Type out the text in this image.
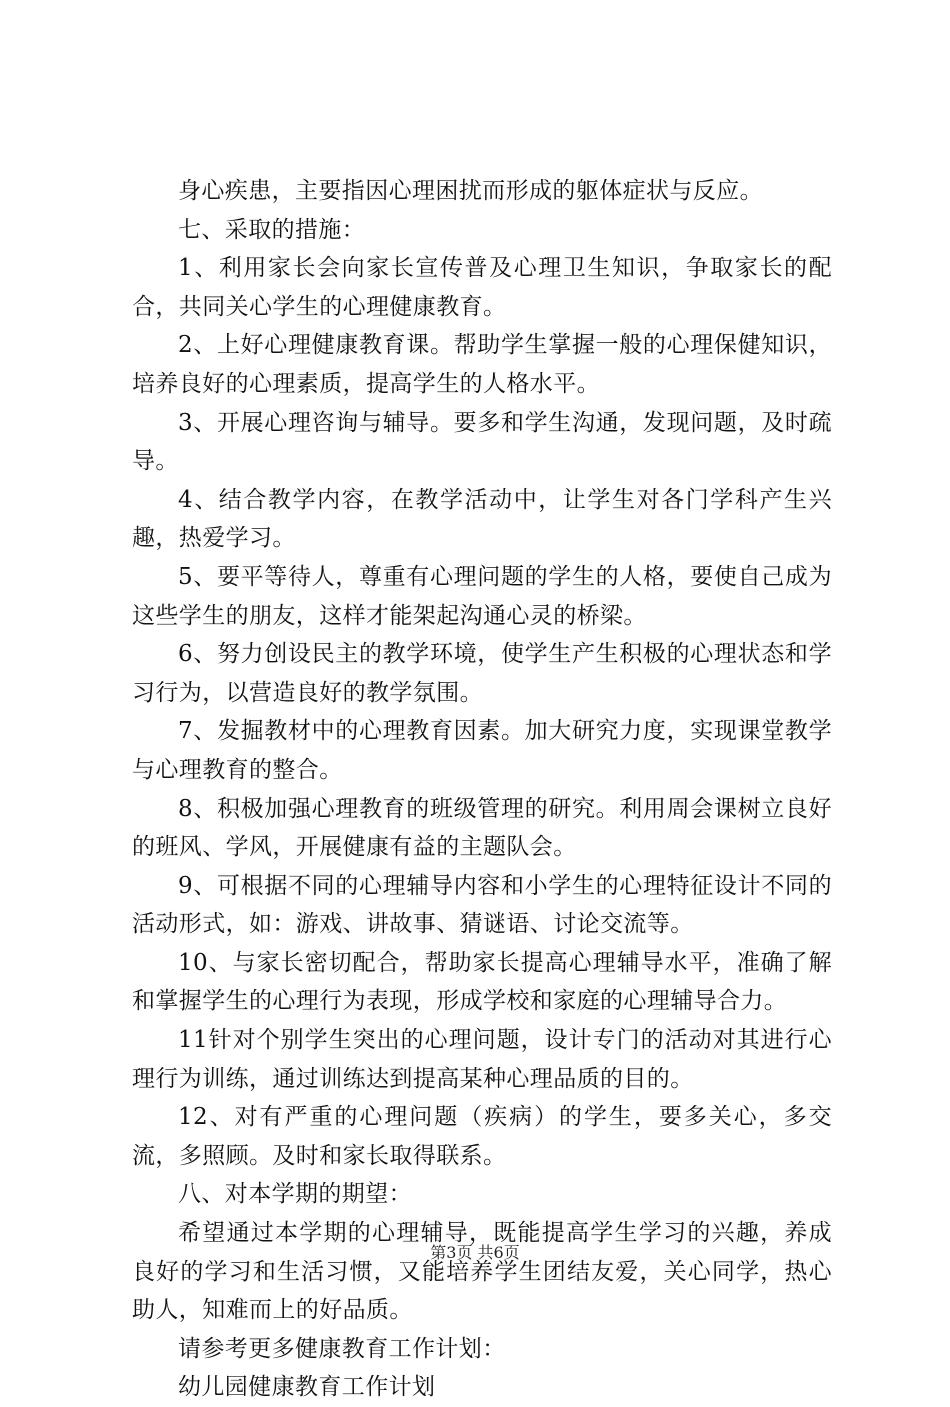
身心疾患，主要指因心理困扰而形成的躯体症状与反应。

七、采取的措施：

1、利用家长会向家长宣传普及心理卫生知识，争取家长的配合，共同关心学生的心理健康教育。

2、上好心理健康教育课。帮助学生掌握一般的心理保健知识，培养良好的心理素质，提高学生的人格水平。

3、开展心理咨询与辅导。要多和学生沟通，发现问题，及时疏导。

4、结合教学内容，在教学活动中，让学生对各门学科产生兴趣，热爱学习。

5、要平等待人，尊重有心理问题的学生的人格，要使自己成为这些学生的朋友，这样才能架起沟通心灵的桥梁。

6、努力创设民主的教学环境，使学生产生积极的心理状态和学习行为，以营造良好的教学氛围。

7、发掘教材中的心理教育因素。加大研究力度，实现课堂教学与心理教育的整合。

8、积极加强心理教育的班级管理的研究。利用周会课树立良好的班风、学风，开展健康有益的主题队会。

9、可根据不同的心理辅导内容和小学生的心理特征设计不同的活动形式，如：游戏、讲故事、猜谜语、讨论交流等。

10、与家长密切配合，帮助家长提高心理辅导水平，准确了解和掌握学生的心理行为表现，形成学校和家庭的心理辅导合力。

11针对个别学生突出的心理问题，设计专门的活动对其进行心理行为训练，通过训练达到提高某种心理品质的目的。

12、对有严重的心理问题（疾病）的学生，要多关心，多交流，多照顾。及时和家长取得联系。

八、对本学期的期望：

希望通过本学期的心理辅导，既能提高学生学习的兴趣，养成良好的学习和生活习惯，又能培养学生团结友爱，关心同学，热心助人，知难而上的好品质。

请参考更多健康教育工作计划：

幼儿园健康教育工作计划

第3页 共6页
